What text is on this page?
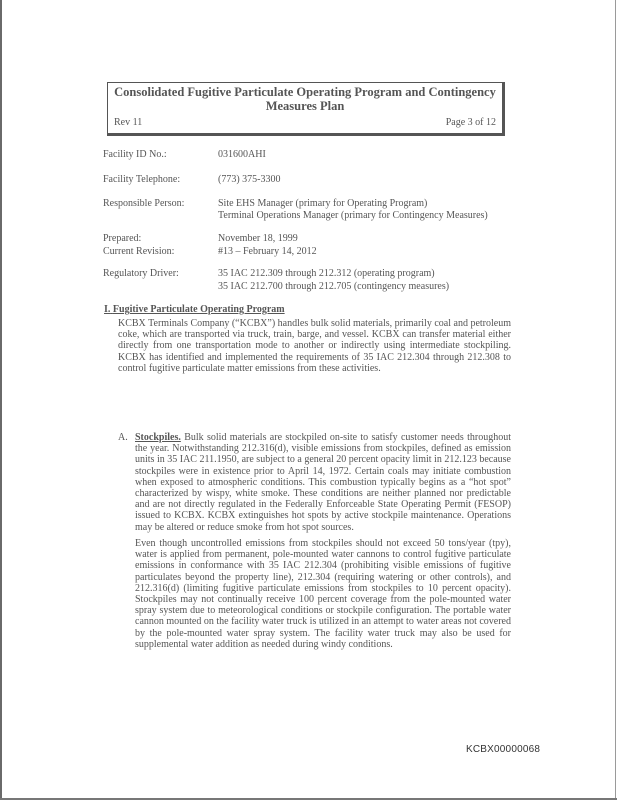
Consolidated Fugitive Particulate Operating Program and Contingency Measures Plan
Rev 11	Page 3 of 12
Facility ID No.:	031600AHI
Facility Telephone:	(773) 375-3300
Responsible Person:	Site EHS Manager (primary for Operating Program)
Terminal Operations Manager (primary for Contingency Measures)
Prepared:	November 18, 1999
Current Revision:	#13 – February 14, 2012
Regulatory Driver:	35 IAC 212.309 through 212.312 (operating program)
35 IAC 212.700 through 212.705 (contingency measures)
I. Fugitive Particulate Operating Program
KCBX Terminals Company (“KCBX”) handles bulk solid materials, primarily coal and petroleum coke, which are transported via truck, train, barge, and vessel. KCBX can transfer material either directly from one transportation mode to another or indirectly using intermediate stockpiling. KCBX has identified and implemented the requirements of 35 IAC 212.304 through 212.308 to control fugitive particulate matter emissions from these activities.
A. Stockpiles. Bulk solid materials are stockpiled on-site to satisfy customer needs throughout the year. Notwithstanding 212.316(d), visible emissions from stockpiles, defined as emission units in 35 IAC 211.1950, are subject to a general 20 percent opacity limit in 212.123 because stockpiles were in existence prior to April 14, 1972. Certain coals may initiate combustion when exposed to atmospheric conditions. This combustion typically begins as a “hot spot” characterized by wispy, white smoke. These conditions are neither planned nor predictable and are not directly regulated in the Federally Enforceable State Operating Permit (FESOP) issued to KCBX. KCBX extinguishes hot spots by active stockpile maintenance. Operations may be altered or reduce smoke from hot spot sources.
Even though uncontrolled emissions from stockpiles should not exceed 50 tons/year (tpy), water is applied from permanent, pole-mounted water cannons to control fugitive particulate emissions in conformance with 35 IAC 212.304 (prohibiting visible emissions of fugitive particulates beyond the property line), 212.304 (requiring watering or other controls), and 212.316(d) (limiting fugitive particulate emissions from stockpiles to 10 percent opacity). Stockpiles may not continually receive 100 percent coverage from the pole-mounted water spray system due to meteorological conditions or stockpile configuration. The portable water cannon mounted on the facility water truck is utilized in an attempt to water areas not covered by the pole-mounted water spray system. The facility water truck may also be used for supplemental water addition as needed during windy conditions.
KCBX00000068
